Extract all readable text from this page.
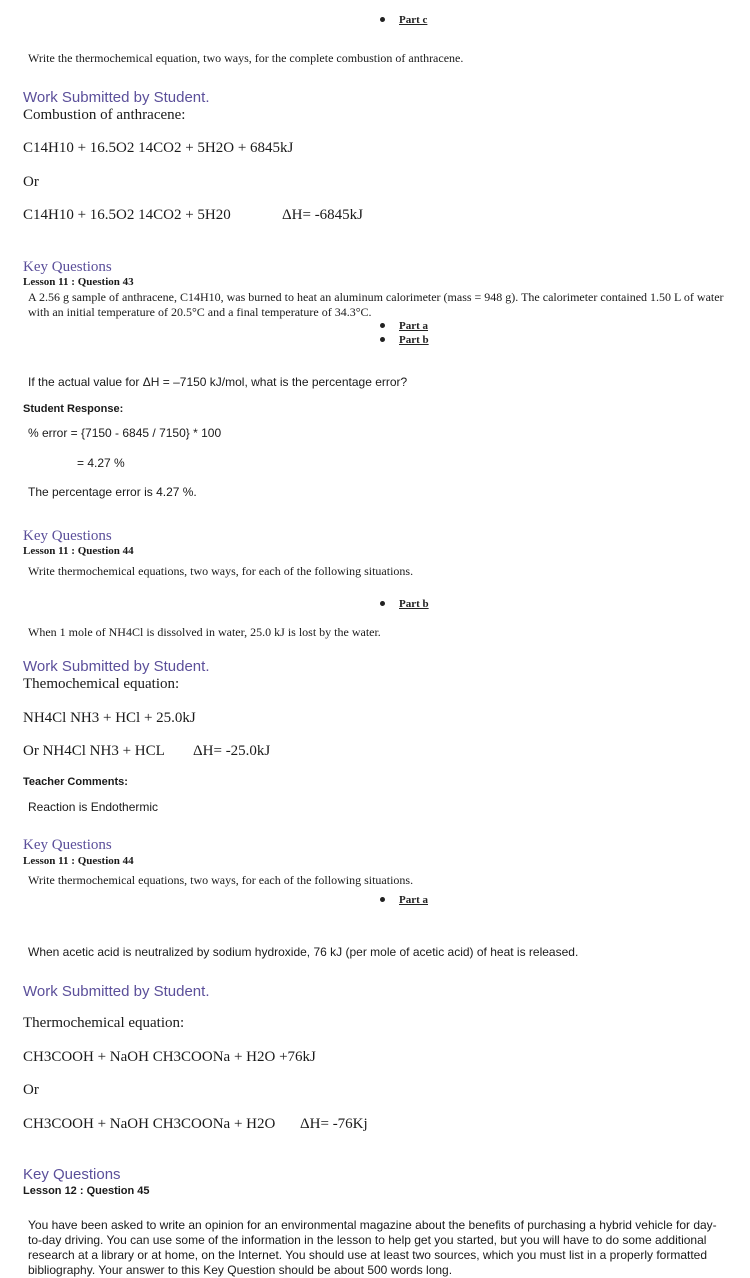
Part c
Write the thermochemical equation, two ways, for the complete combustion of anthracene.
Work Submitted by Student.
Combustion of anthracene:
C14H10 + 16.5O2 14CO2 + 5H2O + 6845kJ
Or
C14H10 + 16.5O2 14CO2 + 5H20	ΔH= -6845kJ
Key Questions
Lesson 11 : Question 43
A 2.56 g sample of anthracene, C14H10, was burned to heat an aluminum calorimeter (mass = 948 g). The calorimeter contained 1.50 L of water with an initial temperature of 20.5°C and a final temperature of 34.3°C.
Part a
Part b
If the actual value for ΔH = –7150 kJ/mol, what is the percentage error?
Student Response:
% error = {7150 - 6845 / 7150} * 100
= 4.27 %
The percentage error is 4.27 %.
Key Questions
Lesson 11 : Question 44
Write thermochemical equations, two ways, for each of the following situations.
Part b
When 1 mole of NH4Cl is dissolved in water, 25.0 kJ is lost by the water.
Work Submitted by Student.
Themochemical equation:
NH4Cl NH3 + HCl + 25.0kJ
Or NH4Cl NH3 + HCL ΔH= -25.0kJ
Teacher Comments:
Reaction is Endothermic
Key Questions
Lesson 11 : Question 44
Write thermochemical equations, two ways, for each of the following situations.
Part a
When acetic acid is neutralized by sodium hydroxide, 76 kJ (per mole of acetic acid) of heat is released.
Work Submitted by Student.
Thermochemical equation:
CH3COOH + NaOH CH3COONa + H2O +76kJ
Or
CH3COOH + NaOH CH3COONa + H2O ΔH= -76Kj
Key Questions
Lesson 12 : Question 45
You have been asked to write an opinion for an environmental magazine about the benefits of purchasing a hybrid vehicle for day-to-day driving. You can use some of the information in the lesson to help get you started, but you will have to do some additional research at a library or at home, on the Internet. You should use at least two sources, which you must list in a properly formatted bibliography. Your answer to this Key Question should be about 500 words long.
